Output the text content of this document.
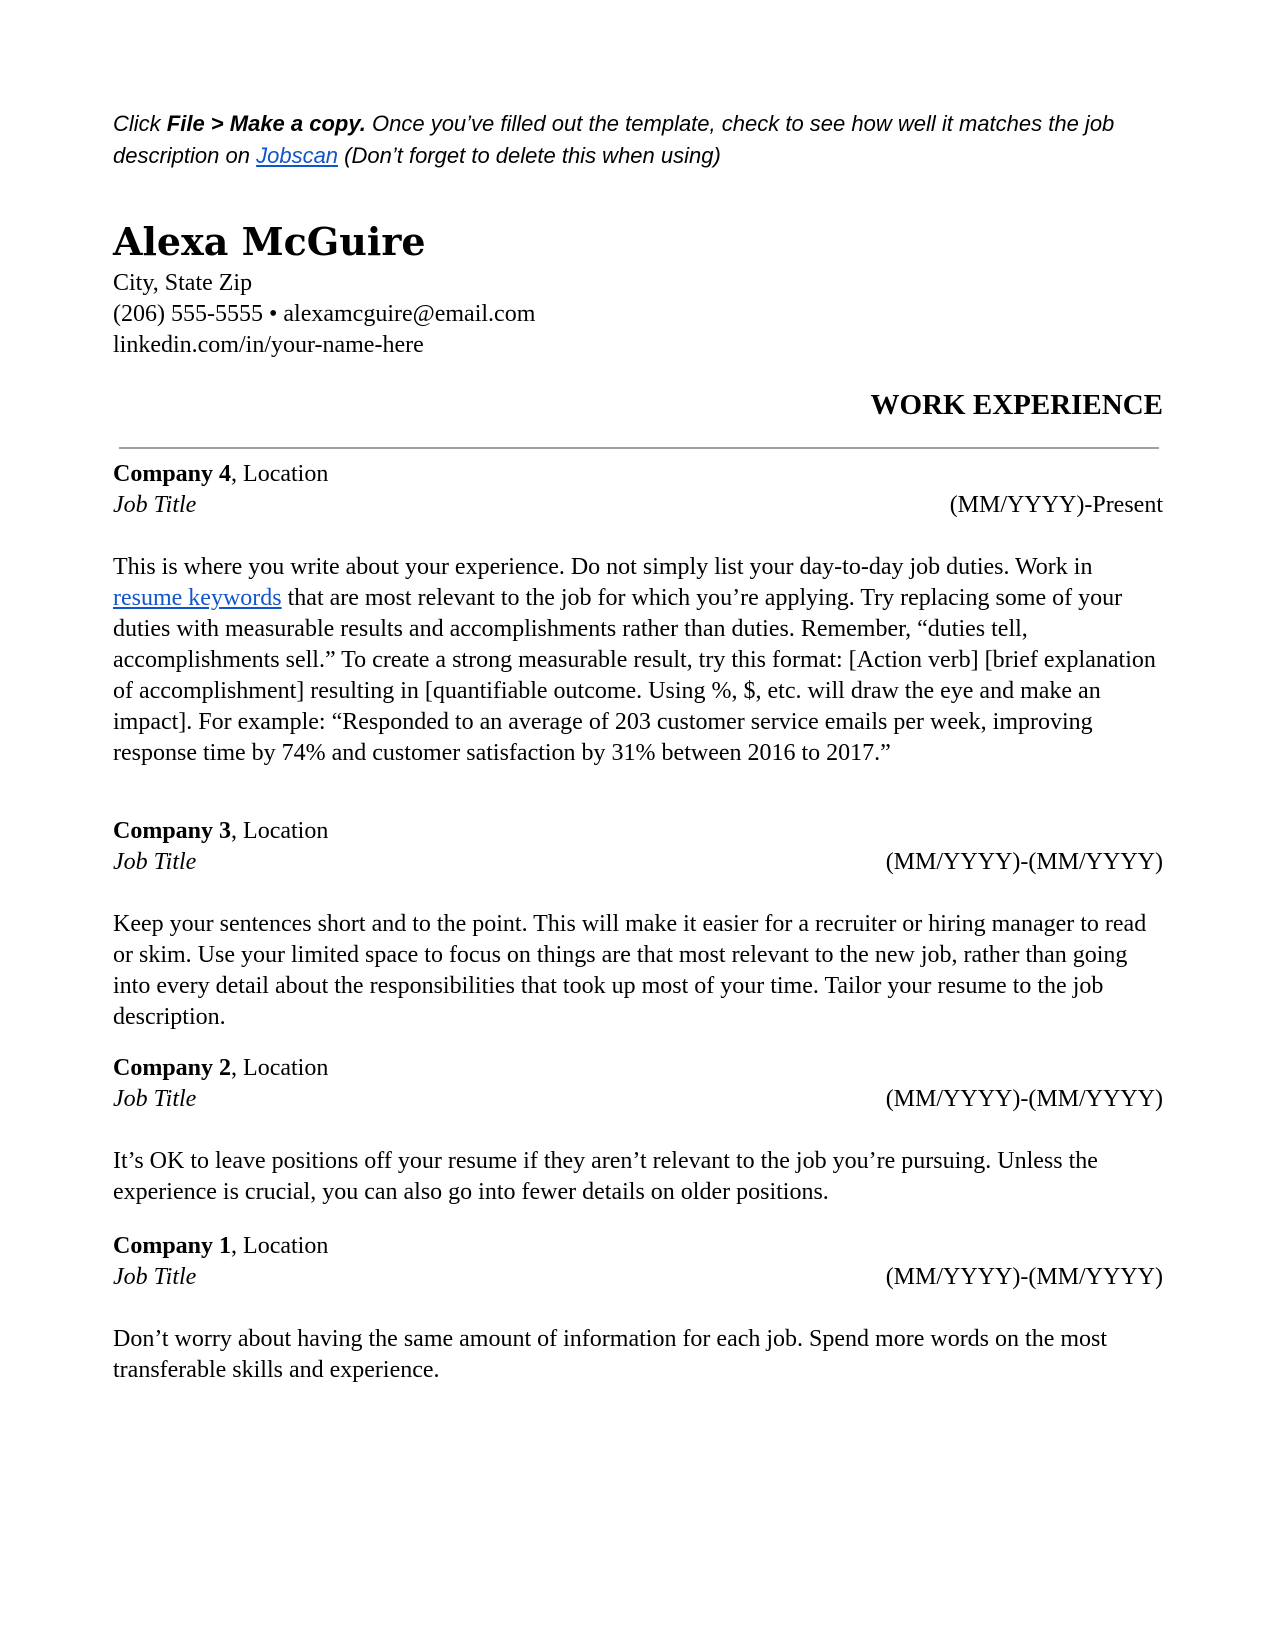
Click File > Make a copy. Once you’ve filled out the template, check to see how well it matches the job description on Jobscan (Don’t forget to delete this when using)
Alexa McGuire
City, State Zip
(206) 555-5555 • alexamcguire@email.com
linkedin.com/in/your-name-here
WORK EXPERIENCE
Company 4, Location
Job Title	(MM/YYYY)-Present
This is where you write about your experience. Do not simply list your day-to-day job duties. Work in resume keywords that are most relevant to the job for which you’re applying. Try replacing some of your duties with measurable results and accomplishments rather than duties. Remember, “duties tell, accomplishments sell.” To create a strong measurable result, try this format: [Action verb] [brief explanation of accomplishment] resulting in [quantifiable outcome. Using %, $, etc. will draw the eye and make an impact]. For example: “Responded to an average of 203 customer service emails per week, improving response time by 74% and customer satisfaction by 31% between 2016 to 2017.”
Company 3, Location
Job Title	(MM/YYYY)-(MM/YYYY)
Keep your sentences short and to the point. This will make it easier for a recruiter or hiring manager to read or skim. Use your limited space to focus on things are that most relevant to the new job, rather than going into every detail about the responsibilities that took up most of your time. Tailor your resume to the job description.
Company 2, Location
Job Title	(MM/YYYY)-(MM/YYYY)
It’s OK to leave positions off your resume if they aren’t relevant to the job you’re pursuing. Unless the experience is crucial, you can also go into fewer details on older positions.
Company 1, Location
Job Title	(MM/YYYY)-(MM/YYYY)
Don’t worry about having the same amount of information for each job. Spend more words on the most transferable skills and experience.
